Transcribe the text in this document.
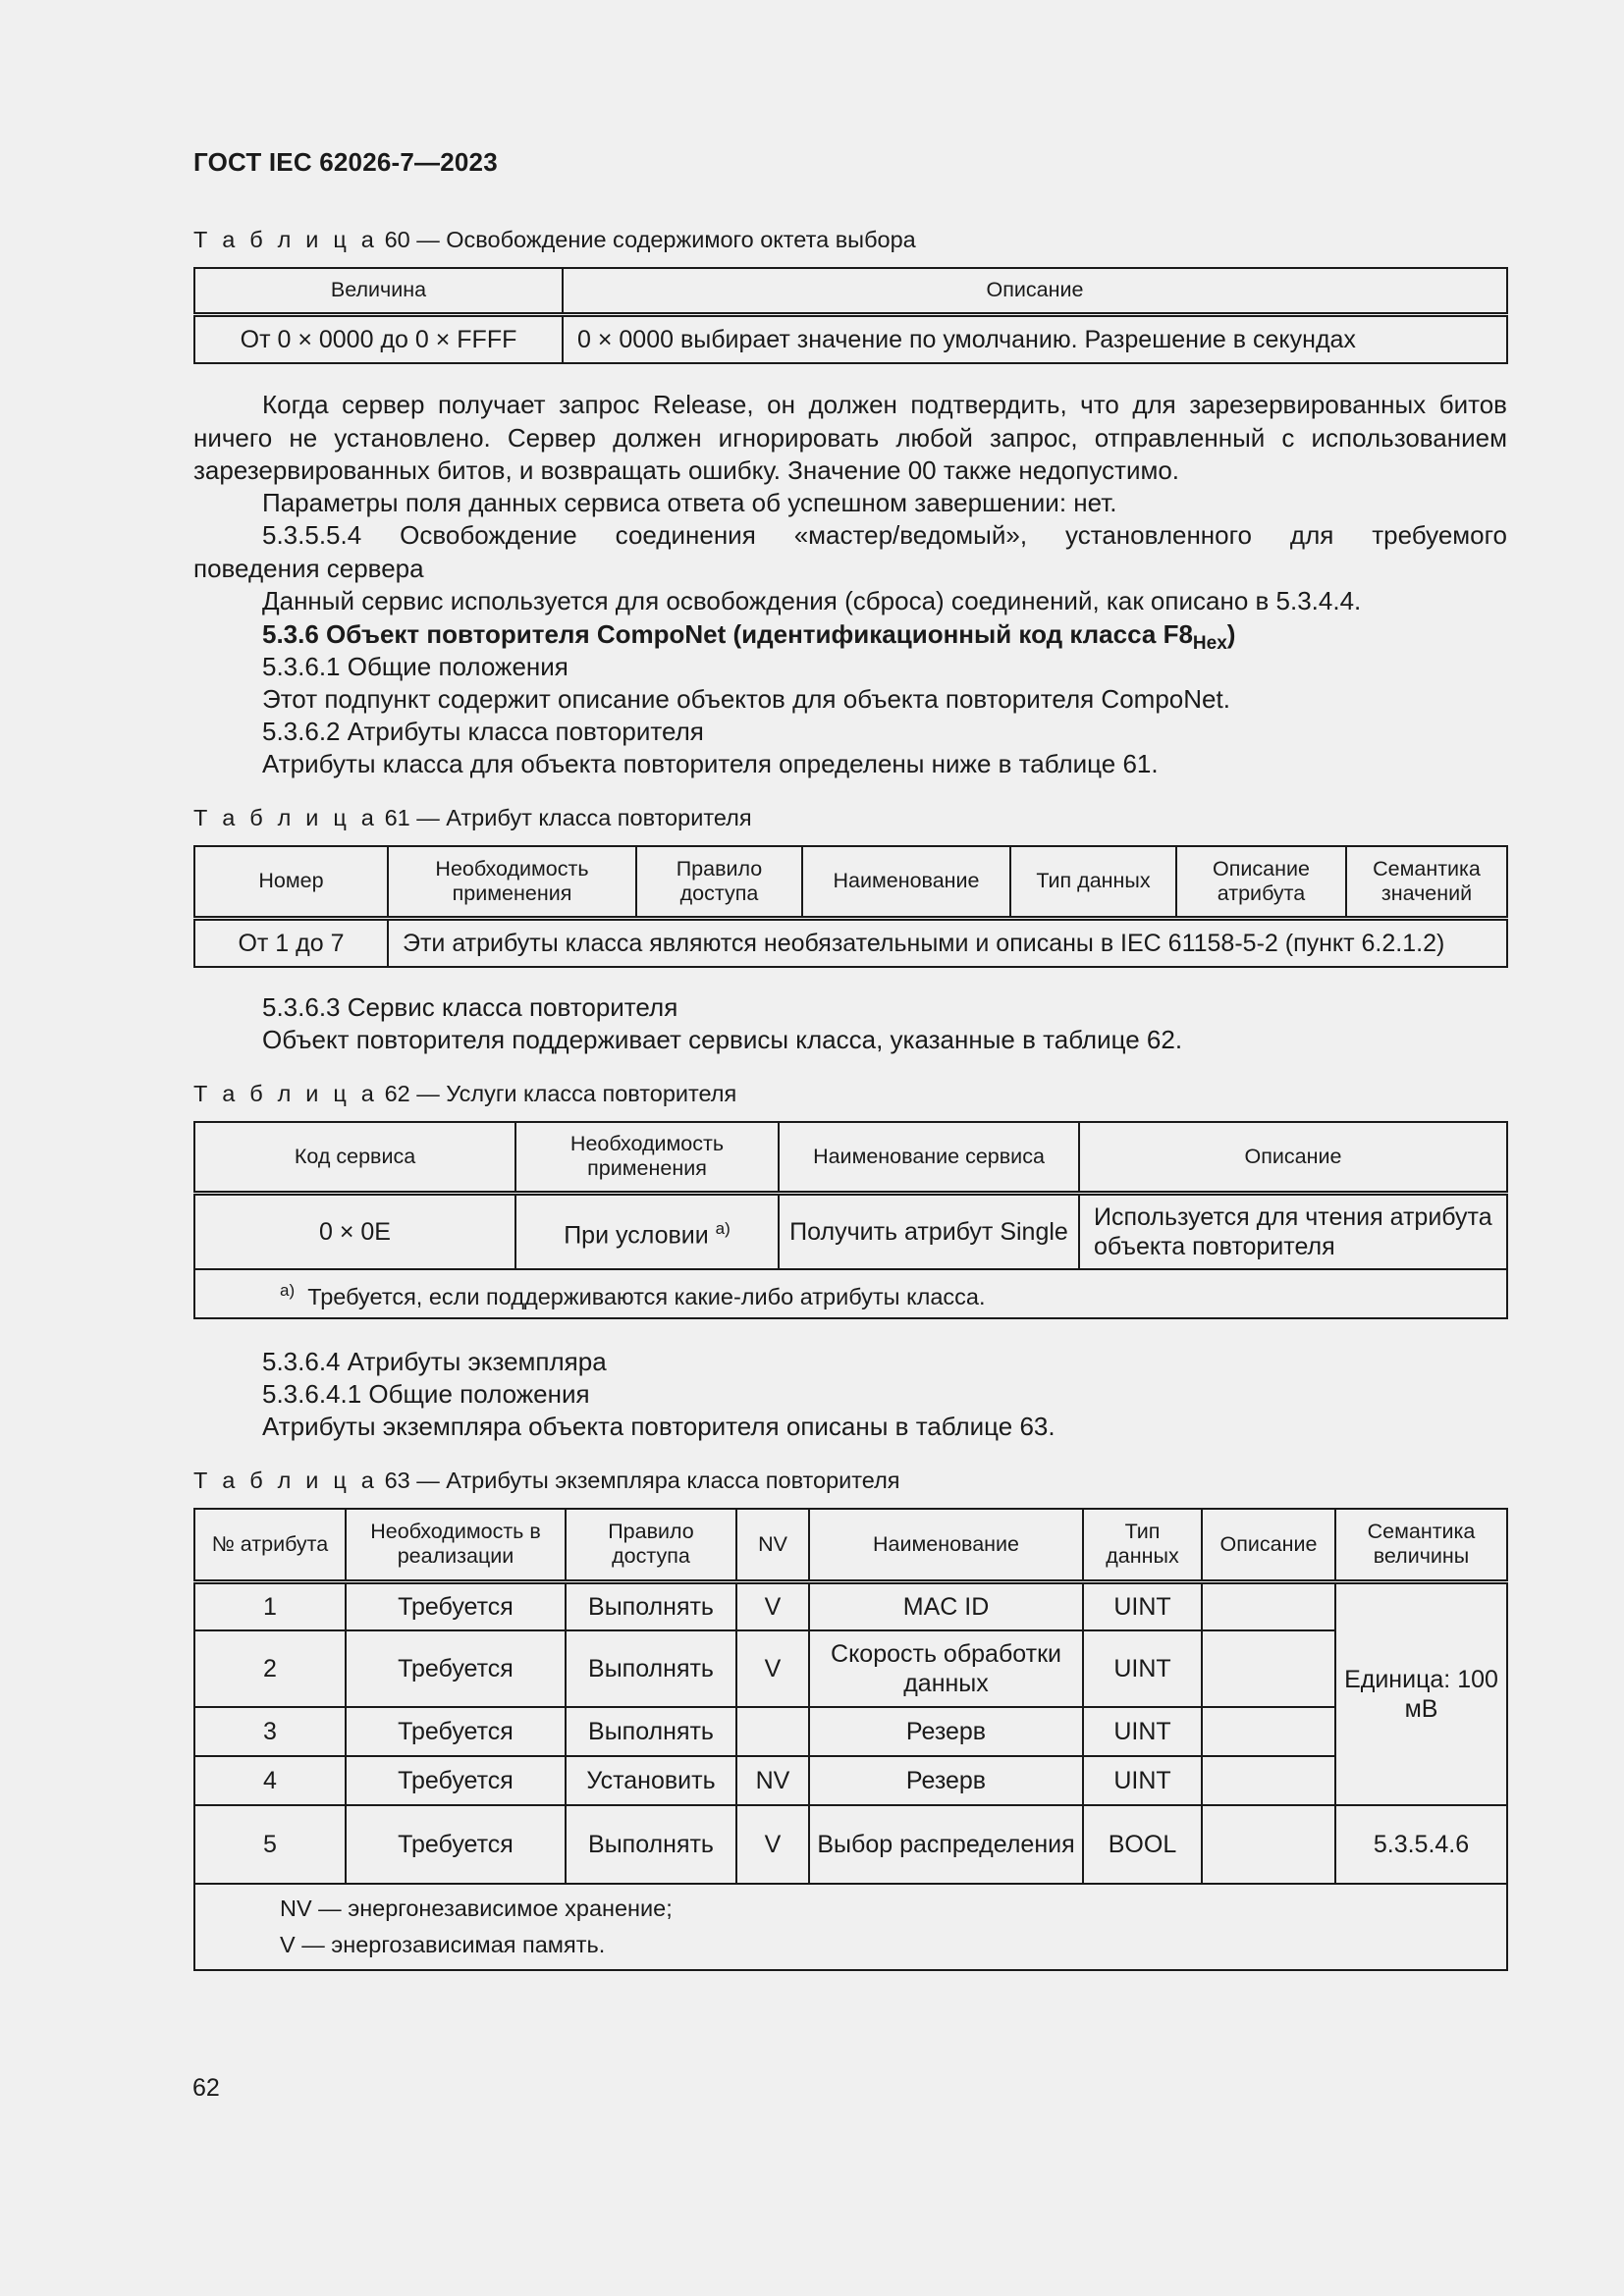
ГОСТ IEC 62026-7—2023
Т а б л и ц а 60 — Освобождение содержимого октета выбора
Величина	Описание
От 0 × 0000 до 0 × FFFF	0 × 0000 выбирает значение по умолчанию. Разрешение в секундах
Когда сервер получает запрос Release, он должен подтвердить, что для зарезервированных битов
ничего не установлено. Сервер должен игнорировать любой запрос, отправленный с использованием
зарезервированных битов, и возвращать ошибку. Значение 00 также недопустимо.
Параметры поля данных сервиса ответа об успешном завершении: нет.
5.3.5.5.4 Освобождение соединения «мастер/ведомый», установленного для требуемого
поведения сервера
Данный сервис используется для освобождения (сброса) соединений, как описано в 5.3.4.4.
5.3.6 Объект повторителя CompoNet (идентификационный код класса $F8_{Hex}$)
5.3.6.1 Общие положения
Этот подпункт содержит описание объектов для объекта повторителя CompoNet.
5.3.6.2 Атрибуты класса повторителя
Атрибуты класса для объекта повторителя определены ниже в таблице 61.
Т а б л и ц а 61 — Атрибут класса повторителя
Номер	Необходимость применения	Правило доступа	Наименование	Тип данных	Описание атрибута	Семантика значений
От 1 до 7	Эти атрибуты класса являются необязательными и описаны в IEC 61158-5-2 (пункт 6.2.1.2)					
5.3.6.3 Сервис класса повторителя
Объект повторителя поддерживает сервисы класса, указанные в таблице 62.
Т а б л и ц а 62 — Услуги класса повторителя
Код сервиса	Необходимость применения	Наименование сервиса	Описание
0 × 0E	При условии $^{a)}$	Получить атрибут Single	Используется для чтения атрибута объекта повторителя
$^{a)}$ Требуется, если поддерживаются какие-либо атрибуты класса.			
5.3.6.4 Атрибуты экземпляра
5.3.6.4.1 Общие положения
Атрибуты экземпляра объекта повторителя описаны в таблице 63.
Т а б л и ц а 63 — Атрибуты экземпляра класса повторителя
№ атрибута	Необходимость в реализации	Правило доступа	NV	Наименование	Тип данных	Описание	Семантика величины
1	Требуется	Выполнять	V	MAC ID	UINT		Единица: 100 мВ
2	Требуется	Выполнять	V	Скорость обработки данных	UINT		
3	Требуется	Выполнять		Резерв	UINT		
4	Требуется	Установить	NV	Резерв	UINT		
5	Требуется	Выполнять	V	Выбор распределения	BOOL		5.3.5.4.6

NV — энергонезависимое хранение;
V — энергозависимая память.							
62
